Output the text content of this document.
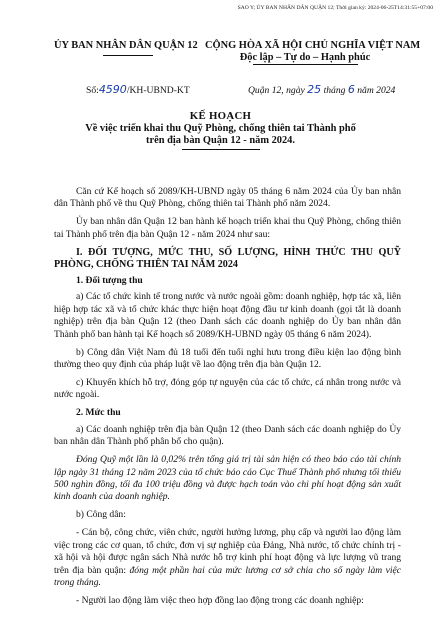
SAO Y; ỦY BAN NHÂN DÂN QUẬN 12; Thời gian ký: 2024-06-25T14:31:55+07:00
ỦY BAN NHÂN DÂN QUẬN 12 CỘNG HÒA XÃ HỘI CHỦ NGHĨA VIỆT NAM
Độc lập – Tự do – Hạnh phúc
Số:4590/KH-UBND-KT	Quận 12, ngày 25 tháng 6 năm 2024
KẾ HOẠCH
Về việc triển khai thu Quỹ Phòng, chống thiên tai Thành phố
trên địa bàn Quận 12 - năm 2024.

Căn cứ Kế hoạch số 2089/KH-UBND ngày 05 tháng 6 năm 2024 của Ủy ban nhân dân Thành phố về thu Quỹ Phòng, chống thiên tai Thành phố năm 2024.

Ủy ban nhân dân Quận 12 ban hành kế hoạch triển khai thu Quỹ Phòng, chống thiên tai Thành phố trên địa bàn Quận 12 - năm 2024 như sau:

I. ĐỐI TƯỢNG, MỨC THU, SỐ LƯỢNG, HÌNH THỨC THU QUỸ PHÒNG, CHỐNG THIÊN TAI NĂM 2024
1. Đối tượng thu

a) Các tổ chức kinh tế trong nước và nước ngoài gồm: doanh nghiệp, hợp tác xã, liên hiệp hợp tác xã và tổ chức khác thực hiện hoạt động đầu tư kinh doanh (gọi tắt là doanh nghiệp) trên địa bàn Quận 12 (theo Danh sách các doanh nghiệp do Ủy ban nhân dân Thành phố ban hành tại Kế hoạch số 2089/KH-UBND ngày 05 tháng 6 năm 2024).

b) Công dân Việt Nam đủ 18 tuổi đến tuổi nghỉ hưu trong điều kiện lao động bình thường theo quy định của pháp luật về lao động trên địa bàn Quận 12.

c) Khuyến khích hỗ trợ, đóng góp tự nguyện của các tổ chức, cá nhân trong nước và nước ngoài.

2. Mức thu

a) Các doanh nghiệp trên địa bàn Quận 12 (theo Danh sách các doanh nghiệp do Ủy ban nhân dân Thành phố phân bổ cho quận).

Đóng Quỹ một lần là 0,02% trên tổng giá trị tài sản hiện có theo báo cáo tài chính lập ngày 31 tháng 12 năm 2023 của tổ chức báo cáo Cục Thuế Thành phố nhưng tối thiểu 500 nghìn đồng, tối đa 100 triệu đồng và được hạch toán vào chi phí hoạt động sản xuất kinh doanh của doanh nghiệp.

b) Công dân:

- Cán bộ, công chức, viên chức, người hưởng lương, phụ cấp và người lao động làm việc trong các cơ quan, tổ chức, đơn vị sự nghiệp của Đảng, Nhà nước, tổ chức chính trị - xã hội và hội được ngân sách Nhà nước hỗ trợ kinh phí hoạt động và lực lượng vũ trang trên địa bàn quận: đóng một phần hai của mức lương cơ sở chia cho số ngày làm việc trong tháng.

- Người lao động làm việc theo hợp đồng lao động trong các doanh nghiệp:
